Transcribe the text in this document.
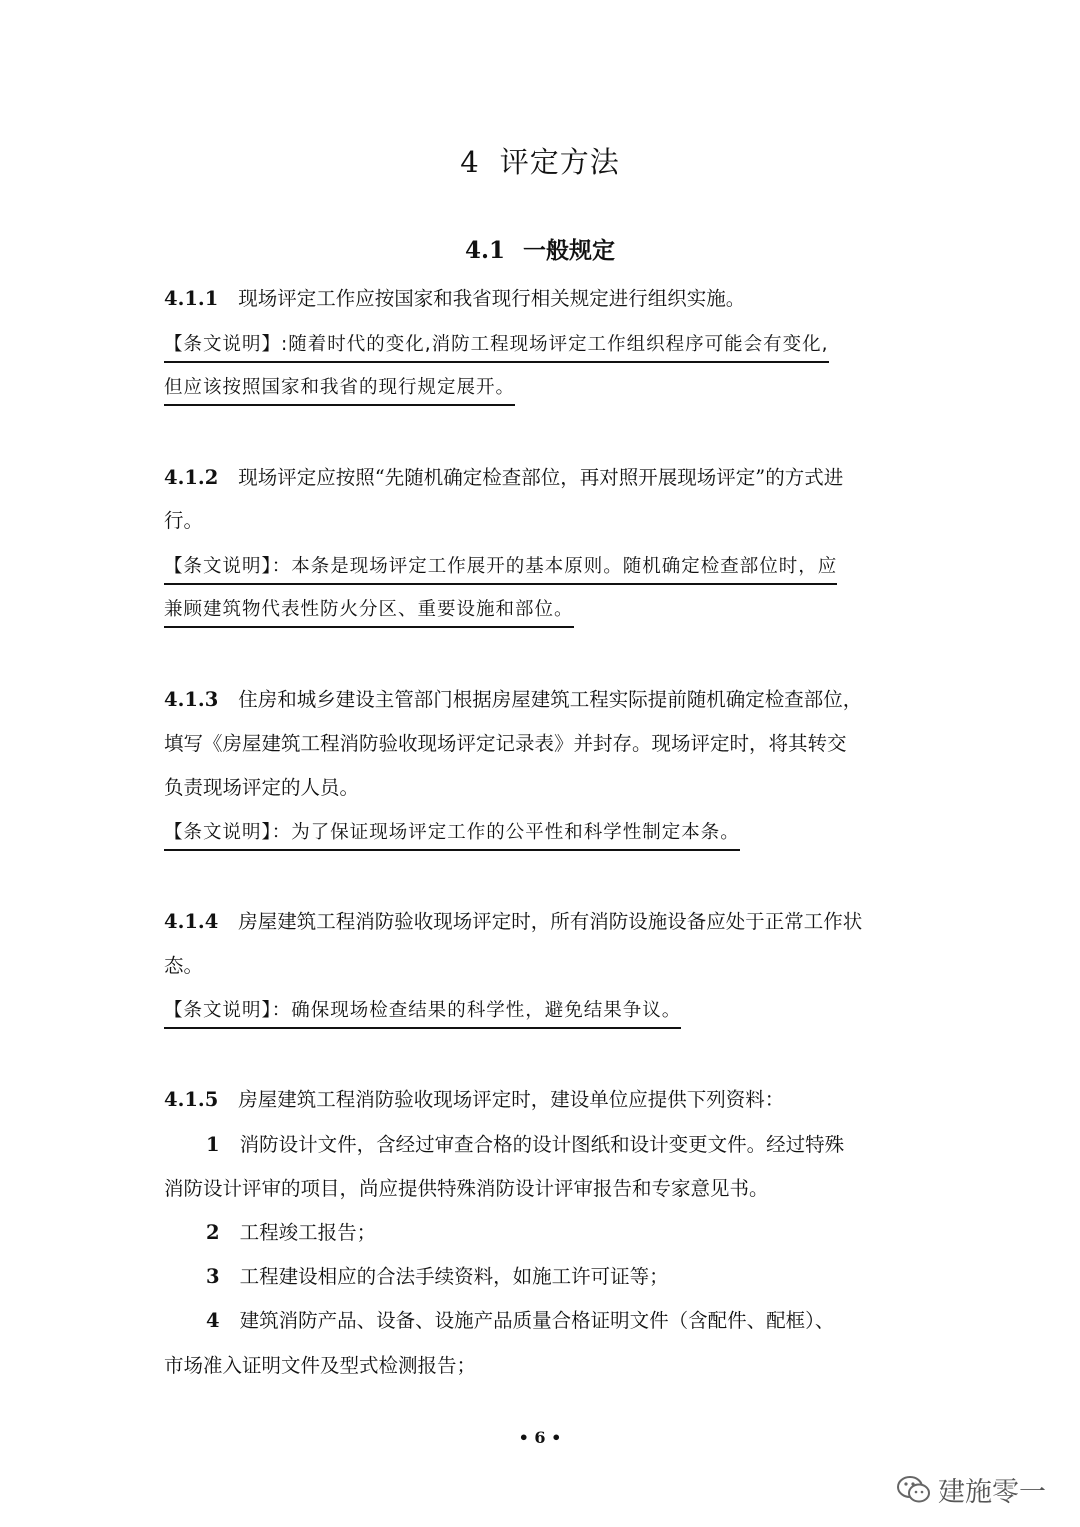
4 评定方法
4.1 一般规定
4.1.1 现场评定工作应按国家和我省现行相关规定进行组织实施。
【条文说明】:随着时代的变化,消防工程现场评定工作组织程序可能会有变化,
但应该按照国家和我省的现行规定展开。
4.1.2 现场评定应按照“先随机确定检查部位，再对照开展现场评定”的方式进
行。
【条文说明】：本条是现场评定工作展开的基本原则。随机确定检查部位时，应
兼顾建筑物代表性防火分区、重要设施和部位。
4.1.3 住房和城乡建设主管部门根据房屋建筑工程实际提前随机确定检查部位，
填写《房屋建筑工程消防验收现场评定记录表》并封存。现场评定时，将其转交
负责现场评定的人员。
【条文说明】：为了保证现场评定工作的公平性和科学性制定本条。
4.1.4 房屋建筑工程消防验收现场评定时，所有消防设施设备应处于正常工作状
态。
【条文说明】：确保现场检查结果的科学性，避免结果争议。
4.1.5 房屋建筑工程消防验收现场评定时，建设单位应提供下列资料：
1 消防设计文件，含经过审查合格的设计图纸和设计变更文件。经过特殊
消防设计评审的项目，尚应提供特殊消防设计评审报告和专家意见书。
2 工程竣工报告；
3 工程建设相应的合法手续资料，如施工许可证等；
4 建筑消防产品、设备、设施产品质量合格证明文件（含配件、配框）、
市场准入证明文件及型式检测报告；
• 6 •
建施零一
